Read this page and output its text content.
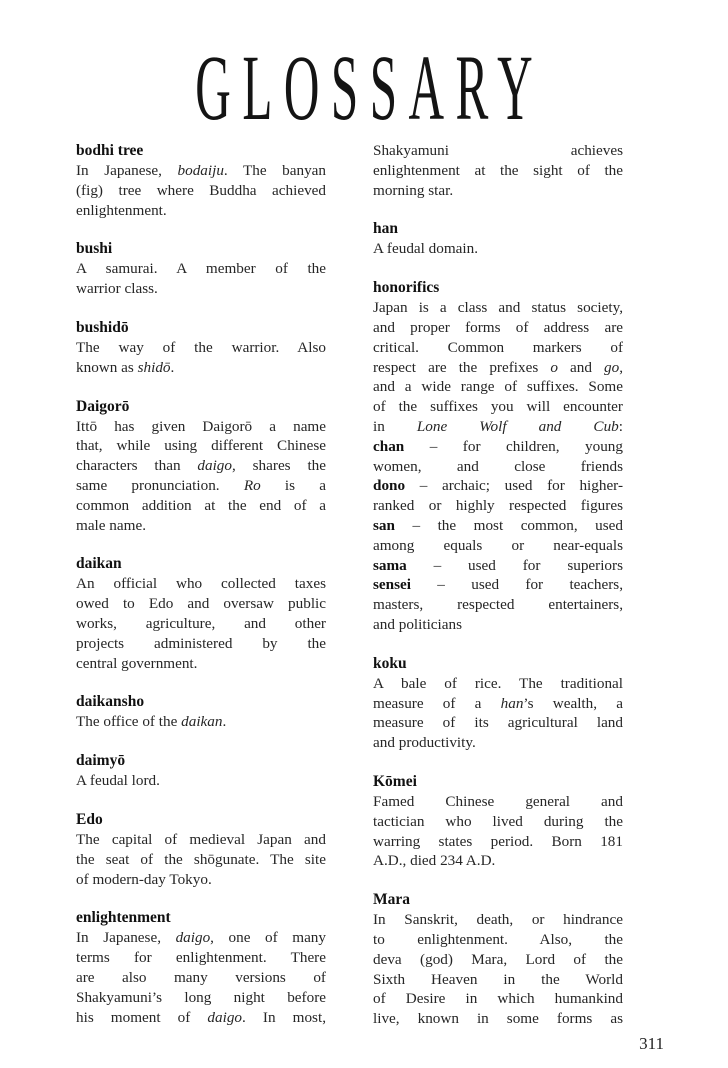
GLOSSARY
bodhi tree
In Japanese, bodaiju. The banyan
(fig) tree where Buddha achieved
enlightenment.
bushi
A samurai. A member of the
warrior class.
bushidō
The way of the warrior. Also
known as shidō.
Daigorō
Ittō has given Daigorō a name
that, while using different Chinese
characters than daigo, shares the
same pronunciation. Ro is a
common addition at the end of a
male name.
daikan
An official who collected taxes
owed to Edo and oversaw public
works, agriculture, and other
projects administered by the
central government.
daikansho
The office of the daikan.
daimyō
A feudal lord.
Edo
The capital of medieval Japan and
the seat of the shōgunate. The site
of modern-day Tokyo.
enlightenment
In Japanese, daigo, one of many
terms for enlightenment. There
are also many versions of
Shakyamuni’s long night before
his moment of daigo. In most,
Shakyamuni achieves
enlightenment at the sight of the
morning star.
han
A feudal domain.
honorifics
Japan is a class and status society,
and proper forms of address are
critical. Common markers of
respect are the prefixes o and go,
and a wide range of suffixes. Some
of the suffixes you will encounter
in Lone Wolf and Cub:
chan – for children, young
women, and close friends
dono – archaic; used for higher-
ranked or highly respected figures
san – the most common, used
among equals or near-equals
sama – used for superiors
sensei – used for teachers,
masters, respected entertainers,
and politicians
koku
A bale of rice. The traditional
measure of a han’s wealth, a
measure of its agricultural land
and productivity.
Kōmei
Famed Chinese general and
tactician who lived during the
warring states period. Born 181
A.D., died 234 A.D.
Mara
In Sanskrit, death, or hindrance
to enlightenment. Also, the
deva (god) Mara, Lord of the
Sixth Heaven in the World
of Desire in which humankind
live, known in some forms as
311
